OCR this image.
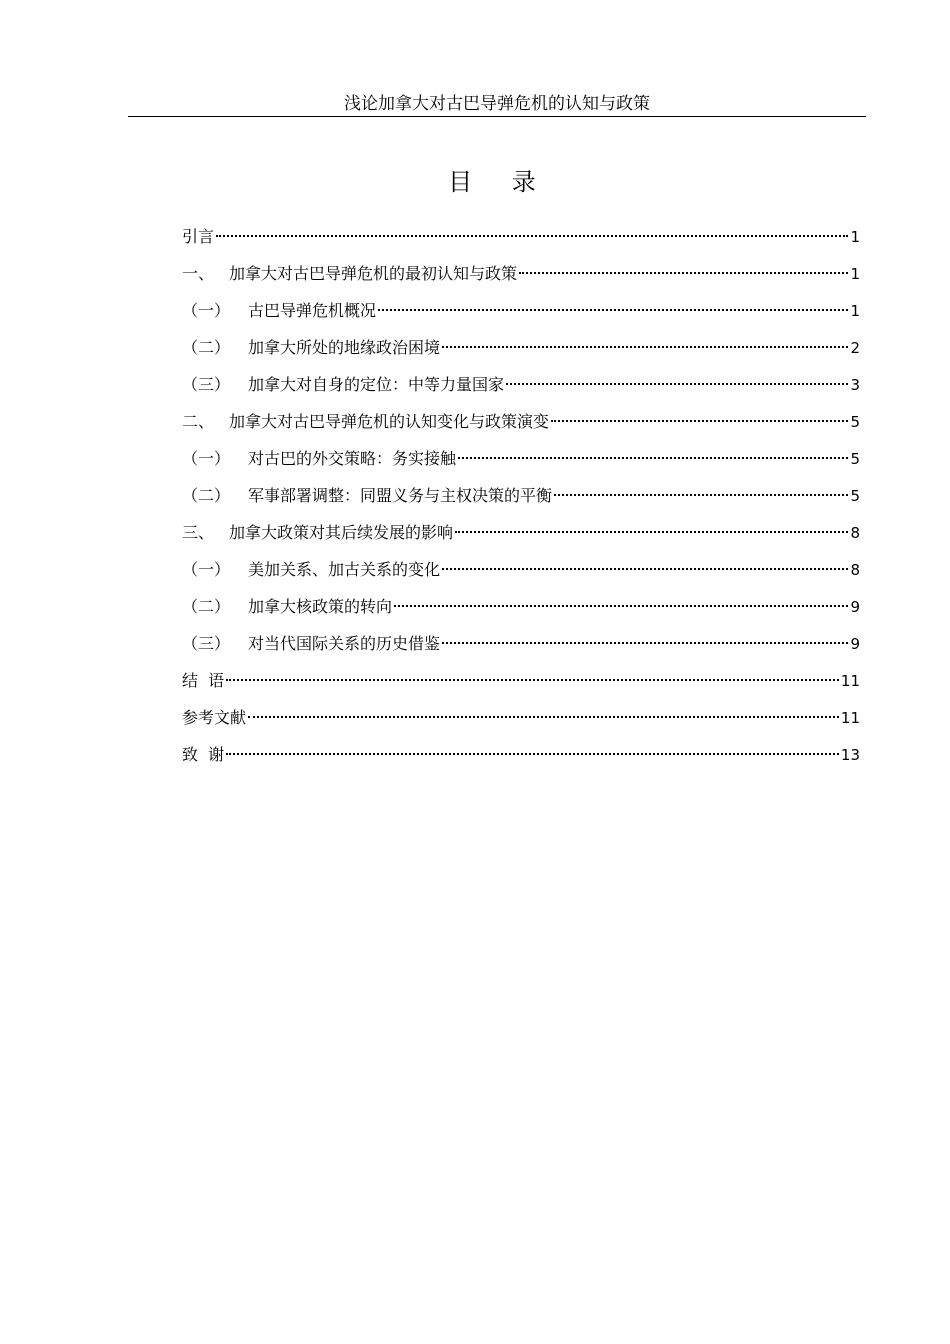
浅论加拿大对古巴导弹危机的认知与政策
目 录
引言	1
一、 加拿大对古巴导弹危机的最初认知与政策	1
（一）	古巴导弹危机概况	1
（二）	加拿大所处的地缘政治困境	2
（三）	加拿大对自身的定位：中等力量国家	3
二、 加拿大对古巴导弹危机的认知变化与政策演变	5
（一）	对古巴的外交策略：务实接触	5
（二）	军事部署调整：同盟义务与主权决策的平衡	5
三、 加拿大政策对其后续发展的影响	8
（一）	美加关系、加古关系的变化	8
（二）	加拿大核政策的转向	9
（三）	对当代国际关系的历史借鉴	9
结  语	11
参考文献	11
致  谢	13
